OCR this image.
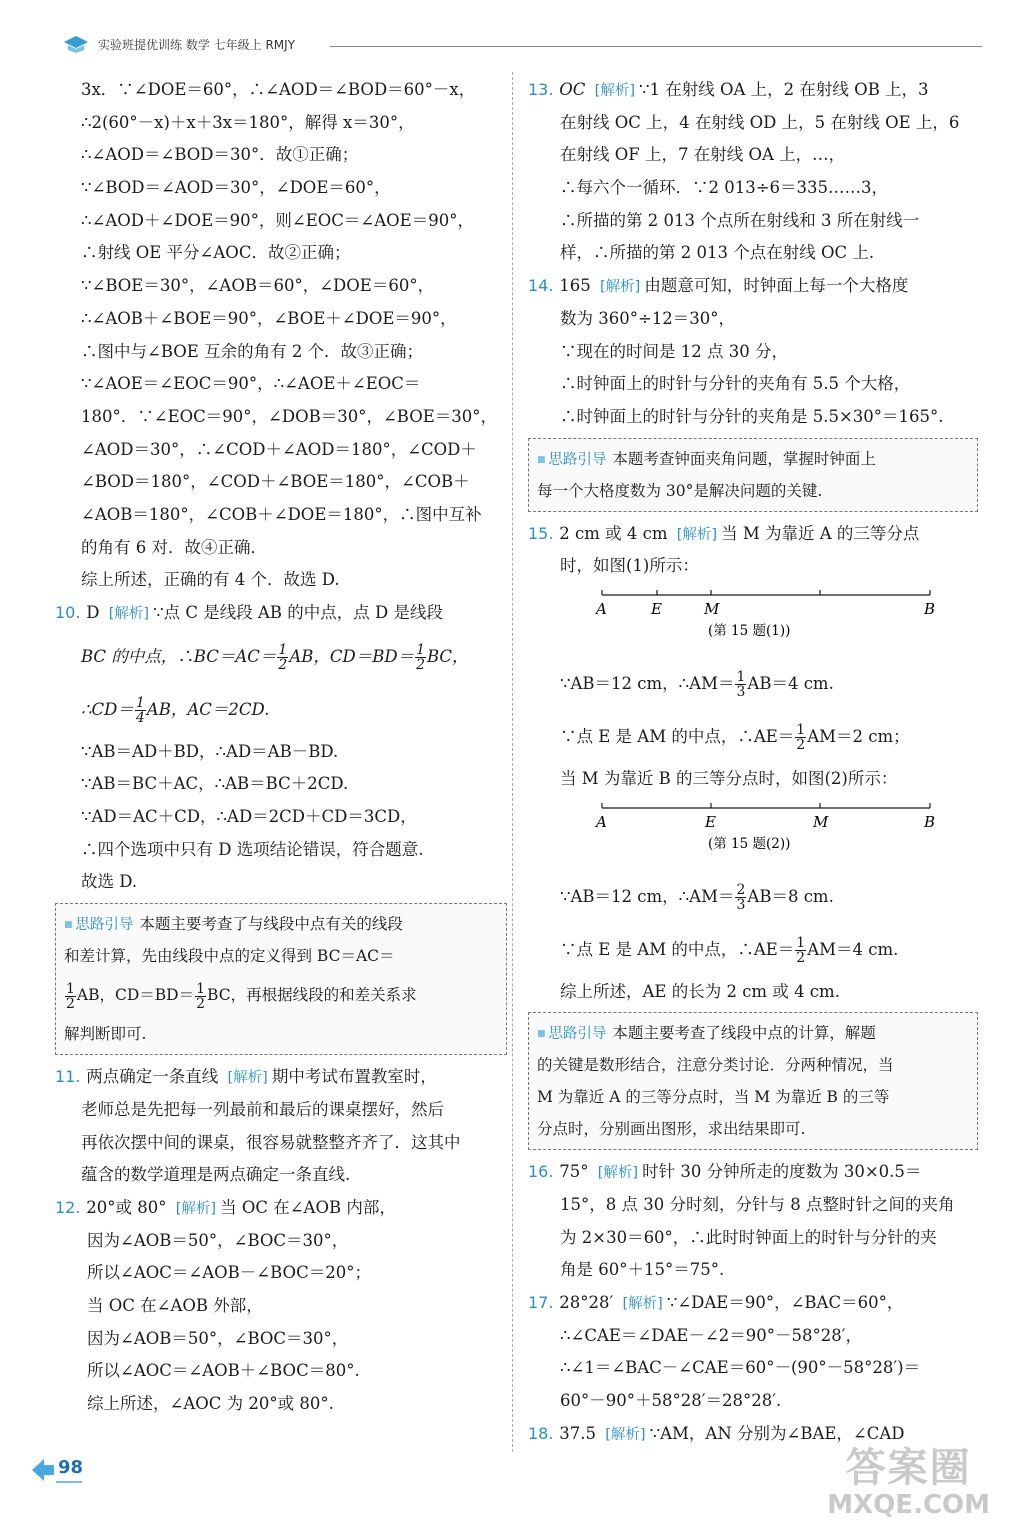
实验班提优训练 数学 七年级上 RMJY
3x．∵∠DOE＝60°，∴∠AOD＝∠BOD＝60°－x，
∴2(60°－x)＋x＋3x＝180°，解得 x＝30°，
∴∠AOD＝∠BOD＝30°．故①正确；
∵∠BOD＝∠AOD＝30°，∠DOE＝60°，
∴∠AOD＋∠DOE＝90°，则∠EOC＝∠AOE＝90°，
∴射线 OE 平分∠AOC．故②正确；
∵∠BOE＝30°，∠AOB＝60°，∠DOE＝60°，
∴∠AOB＋∠BOE＝90°，∠BOE＋∠DOE＝90°，
∴图中与∠BOE 互余的角有 2 个．故③正确；
∵∠AOE＝∠EOC＝90°，∴∠AOE＋∠EOC＝
180°．∵∠EOC＝90°，∠DOB＝30°，∠BOE＝30°，
∠AOD＝30°，∴∠COD＋∠AOD＝180°，∠COD＋
∠BOD＝180°，∠COD＋∠BOE＝180°，∠COB＋
∠AOB＝180°，∠COB＋∠DOE＝180°，∴图中互补
的角有 6 对．故④正确．
综上所述，正确的有 4 个．故选 D.
10. D [ 解析 ] ∵点 C 是线段 AB 的中点，点 D 是线段
BC 的中点，∴BC＝AC＝ $\frac{1}{2}$ AB，$CD=BD= \frac{1}{2}$ BC，
∴CD＝ $\frac{1}{4}$ AB，AC＝2CD.
∵AB＝AD＋BD，∴AD＝AB－BD.
∵AB＝BC＋AC，∴AB＝BC＋2CD.
∵AD＝AC＋CD，∴AD＝2CD＋CD＝3CD，
∴四个选项中只有 D 选项结论错误，符合题意.
故选 D.
■ 思路引导 本题主要考查了与线段中点有关的线段
和差计算，先由线段中点的定义得到 BC＝AC＝
$\frac{1}{2}$ AB，$CD=BD= \frac{1}{2}$ BC，再根据线段的和差关系求
解判断即可.
11. 两点确定一条直线 [ 解析 ] 期中考试布置教室时，
老师总是先把每一列最前和最后的课桌摆好，然后
再依次摆中间的课桌，很容易就整整齐齐了．这其中
蕴含的数学道理是两点确定一条直线.
12. 20°或 80° [ 解析 ] 当 OC 在∠AOB 内部，
因为∠AOB＝50°，∠BOC＝30°，
所以∠AOC＝∠AOB－∠BOC＝20°；
当 OC 在∠AOB 外部，
因为∠AOB＝50°，∠BOC＝30°，
所以∠AOC＝∠AOB＋∠BOC＝80°.
综上所述，∠AOC 为 20°或 80°.
13. OC [ 解析 ] ∵1 在射线 OA 上，2 在射线 OB 上，3
在射线 OC 上，4 在射线 OD 上，5 在射线 OE 上，6
在射线 OF 上，7 在射线 OA 上，…，
∴每六个一循环．∵2 013÷6＝335……3，
∴所描的第 2 013 个点所在射线和 3 所在射线一
样，∴所描的第 2 013 个点在射线 OC 上.
14. 165 [ 解析 ] 由题意可知，时钟面上每一个大格度
数为 360°÷12＝30°，
∵现在的时间是 12 点 30 分，
∴时钟面上的时针与分针的夹角有 5.5 个大格，
∴时钟面上的时针与分针的夹角是 5.5×30°＝165°.
■ 思路引导 本题考查钟面夹角问题，掌握时钟面上
每一个大格度数为 30°是解决问题的关键.
15. 2 cm 或 4 cm [ 解析 ] 当 M 为靠近 A 的三等分点
时，如图(1)所示：
A	E	M	B
(第 15 题(1))
∵AB＝12 cm，∴AM＝ $\frac{1}{3} AB=4$ cm.
∵点 E 是 AM 的中点，∴AE＝ $\frac{1}{2} AM=2$ cm；
当 M 为靠近 B 的三等分点时，如图(2)所示：
A	E	M	B
(第 15 题(2))
∵AB＝12 cm，∴AM＝ $\frac{2}{3} AB=8$ cm.
∵点 E 是 AM 的中点，∴AE＝ $\frac{1}{2} AM=4$ cm.
综上所述，AE 的长为 2 cm 或 4 cm.
■ 思路引导 本题主要考查了线段中点的计算，解题
的关键是数形结合，注意分类讨论．分两种情况，当
M 为靠近 A 的三等分点时，当 M 为靠近 B 的三等
分点时，分别画出图形，求出结果即可.
16. 75° [ 解析 ] 时针 30 分钟所走的度数为 30×0.5＝
15°，8 点 30 分时刻，分针与 8 点整时针之间的夹角
为 2×30＝60°，∴此时时钟面上的时针与分针的夹
角是 60°＋15°＝75°.
17. 28°28′ [ 解析 ] ∵∠DAE＝90°，∠BAC＝60°，
∴∠CAE＝∠DAE－∠2＝90°－58°28′，
∴∠1＝∠BAC－∠CAE＝60°－(90°－58°28′)＝
60°－90°＋58°28′＝28°28′.
18. 37.5 [ 解析 ] ∵AM，AN 分别为∠BAE，∠CAD
98	答案圈
MXQE.COM
